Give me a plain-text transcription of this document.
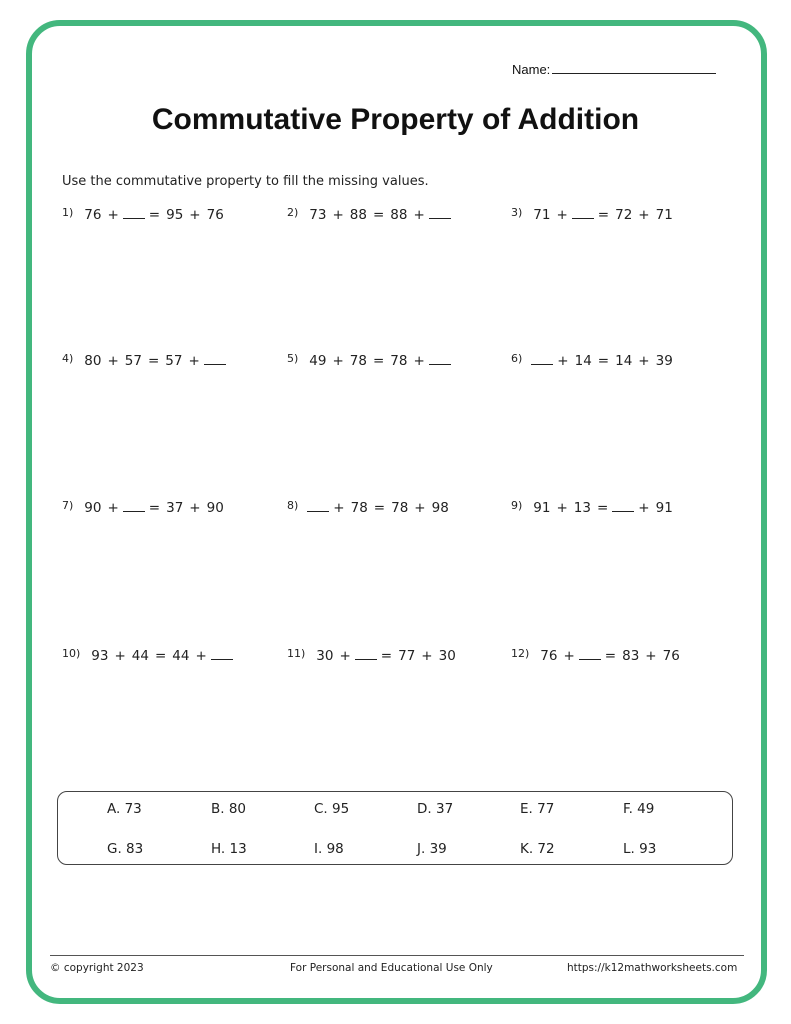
Name:
Commutative Property of Addition
Use the commutative property to fill the missing values.
1) 76 + = 95 + 76	2) 73 + 88 = 88 +	3) 71 + = 72 + 71
4) 80 + 57 = 57 +	5) 49 + 78 = 78 +	6)	+ 14 = 14 + 39
7) 90 + = 37 + 90	8)	+ 78 = 78 + 98	9) 91 + 13 = + 91
10) 93 + 44 = 44 +	11) 30 + = 77 + 30	12) 76 + = 83 + 76
A. 73	B. 80	C. 95	D. 37	E. 77	F. 49
G. 83	H. 13	I. 98	J. 39	K. 72	L. 93
© copyright 2023	For Personal and Educational Use Only	https://k12mathworksheets.com
